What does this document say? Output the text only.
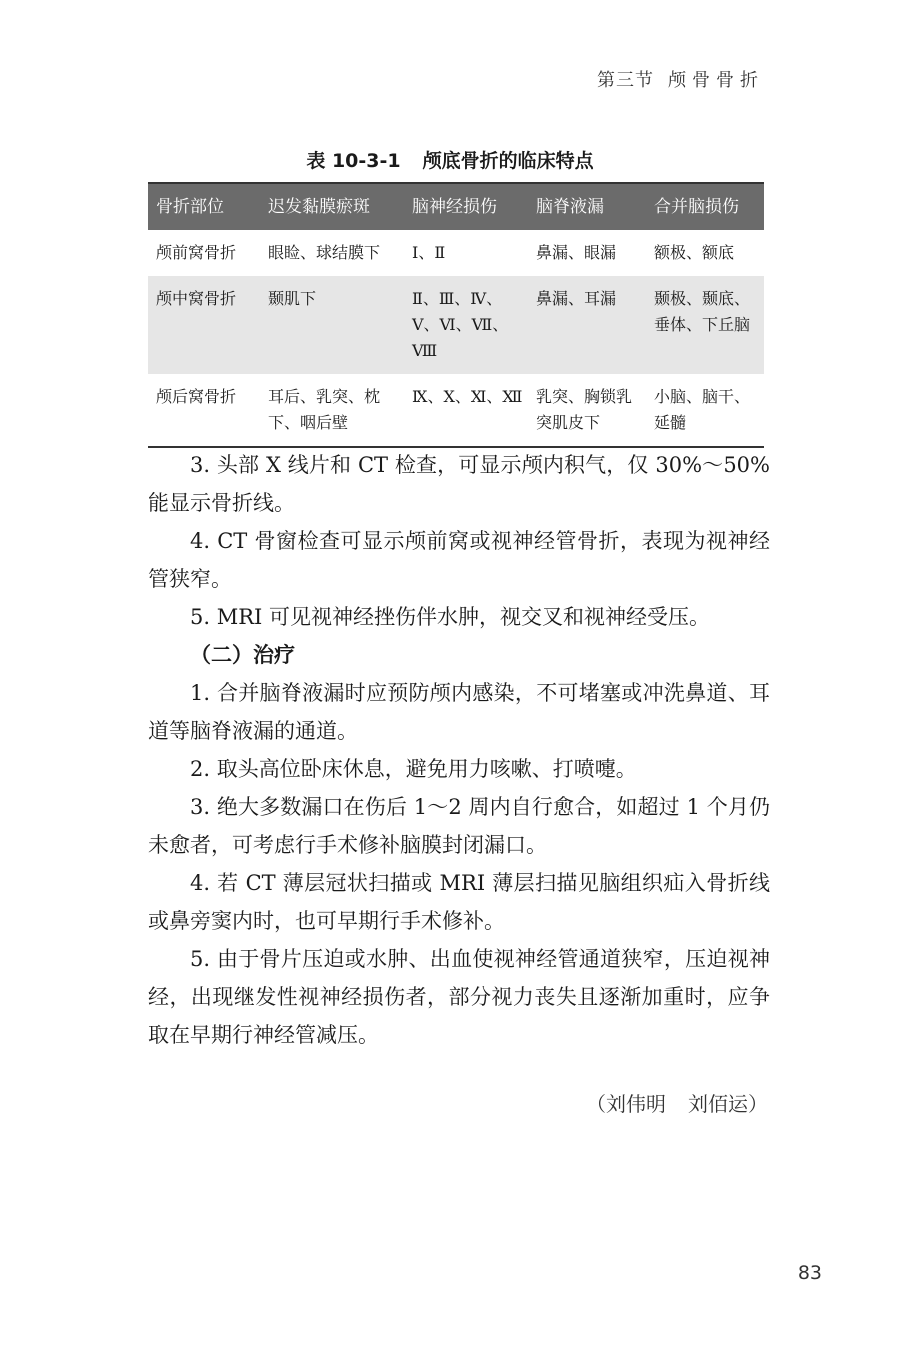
第三节 颅骨骨折
表 10-3-1 颅底骨折的临床特点
骨折部位	迟发黏膜瘀斑	脑神经损伤	脑脊液漏	合并脑损伤
颅前窝骨折	眼睑、球结膜下	Ⅰ、Ⅱ	鼻漏、眼漏	额极、额底
颅中窝骨折	颞肌下	Ⅱ、Ⅲ、Ⅳ、Ⅴ、Ⅵ、Ⅶ、Ⅷ	鼻漏、耳漏	颞极、颞底、垂体、下丘脑
颅后窝骨折	耳后、乳突、枕下、咽后壁	Ⅸ、Ⅹ、Ⅺ、Ⅻ	乳突、胸锁乳突肌皮下	小脑、脑干、延髓

3. 头部 X 线片和 CT 检查，可显示颅内积气，仅 30%～50% 能显示骨折线。

4. CT 骨窗检查可显示颅前窝或视神经管骨折，表现为视神经管狭窄。

5. MRI 可见视神经挫伤伴水肿，视交叉和视神经受压。

（二）治疗

1. 合并脑脊液漏时应预防颅内感染，不可堵塞或冲洗鼻道、耳道等脑脊液漏的通道。

2. 取头高位卧床休息，避免用力咳嗽、打喷嚏。

3. 绝大多数漏口在伤后 1～2 周内自行愈合，如超过 1 个月仍未愈者，可考虑行手术修补脑膜封闭漏口。

4. 若 CT 薄层冠状扫描或 MRI 薄层扫描见脑组织疝入骨折线或鼻旁窦内时，也可早期行手术修补。

5. 由于骨片压迫或水肿、出血使视神经管通道狭窄，压迫视神经，出现继发性视神经损伤者，部分视力丧失且逐渐加重时，应争取在早期行神经管减压。

（刘伟明 刘佰运）
83
